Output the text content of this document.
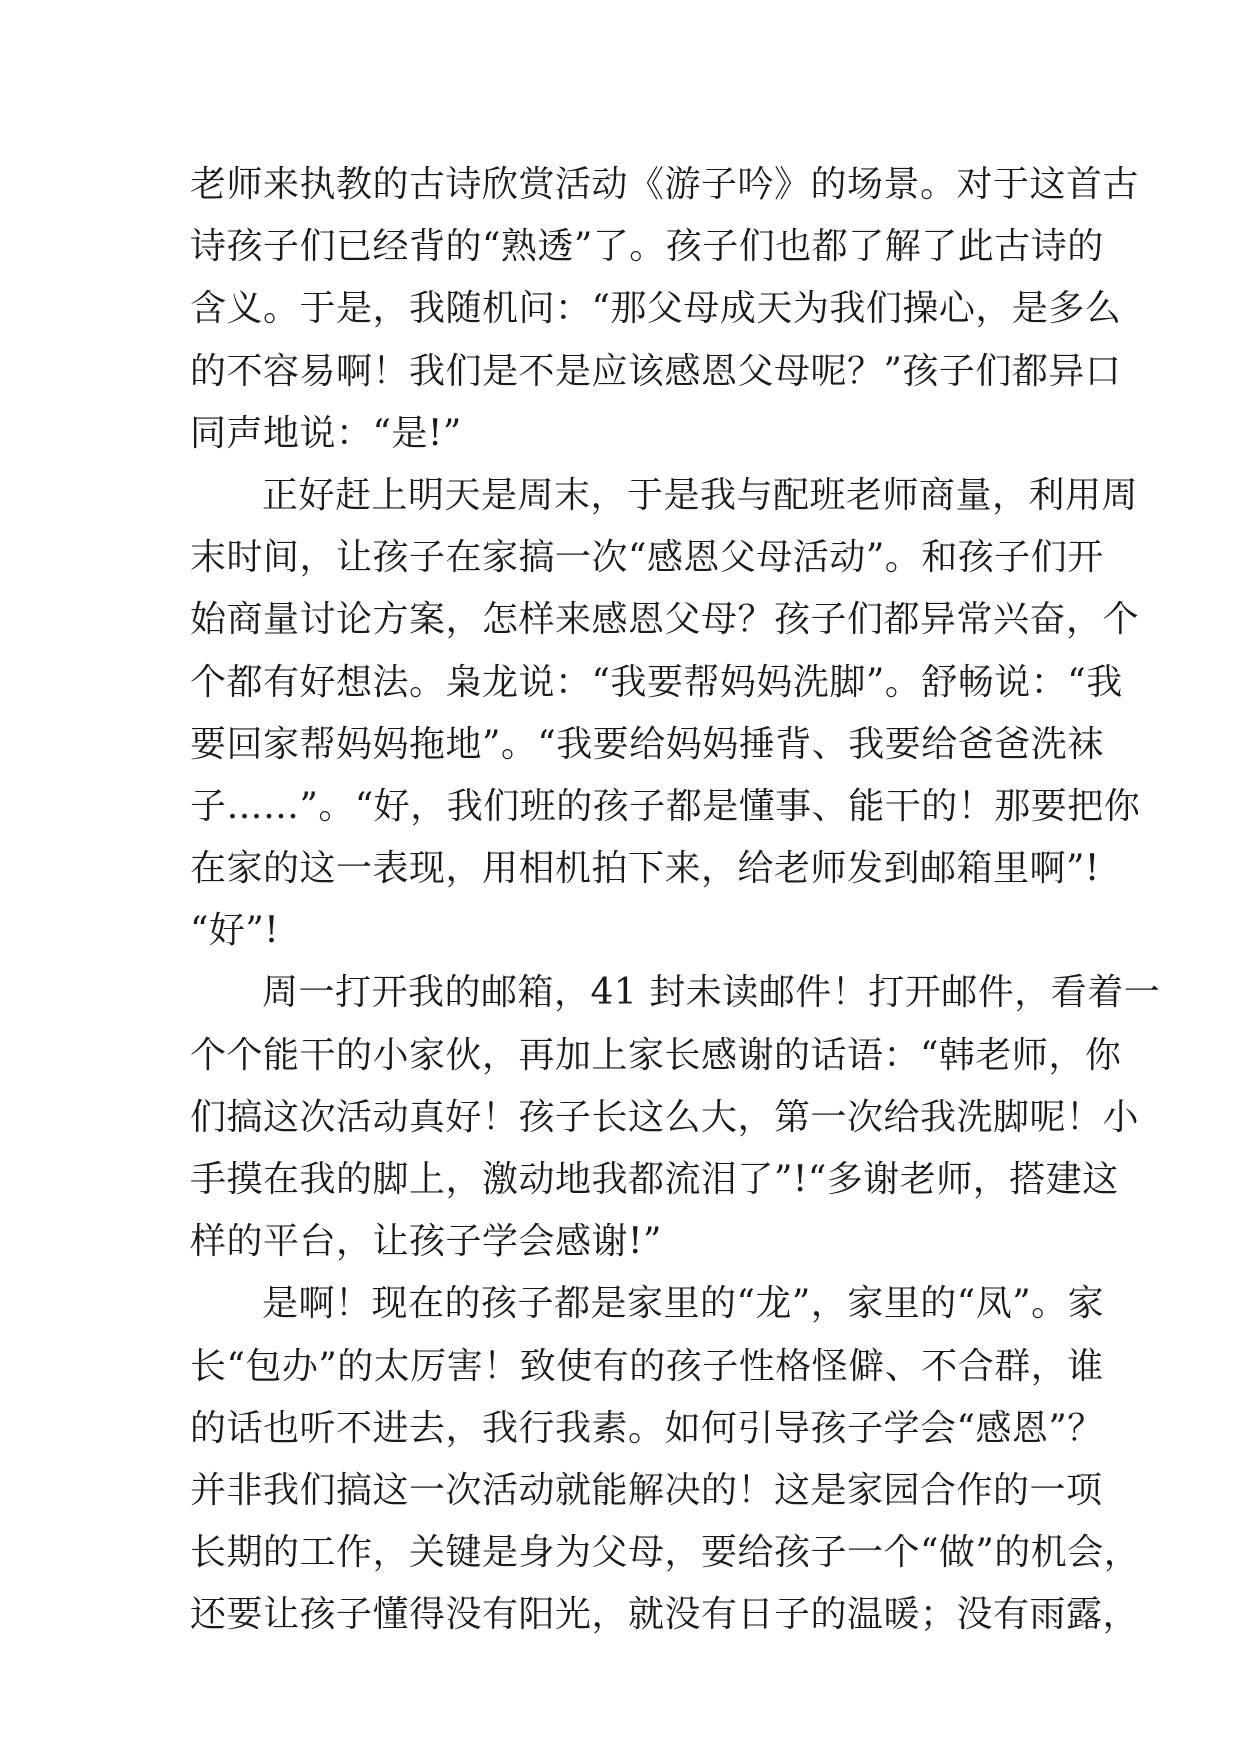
老师来执教的古诗欣赏活动《游子吟》的场景。对于这首古
诗孩子们已经背的“熟透”了。孩子们也都了解了此古诗的
含义。于是，我随机问：“那父母成天为我们操心，是多么
的不容易啊！我们是不是应该感恩父母呢？”孩子们都异口
同声地说：“是!”
正好赶上明天是周末，于是我与配班老师商量，利用周
末时间，让孩子在家搞一次“感恩父母活动”。和孩子们开
始商量讨论方案，怎样来感恩父母？孩子们都异常兴奋，个
个都有好想法。枭龙说：“我要帮妈妈洗脚”。舒畅说：“我
要回家帮妈妈拖地”。“我要给妈妈捶背、我要给爸爸洗袜
子……”。“好，我们班的孩子都是懂事、能干的！那要把你
在家的这一表现，用相机拍下来，给老师发到邮箱里啊”!
“好”!
周一打开我的邮箱，41 封未读邮件！打开邮件，看着一
个个能干的小家伙，再加上家长感谢的话语：“韩老师，你
们搞这次活动真好！孩子长这么大，第一次给我洗脚呢！小
手摸在我的脚上，激动地我都流泪了”!“多谢老师，搭建这
样的平台，让孩子学会感谢!”
是啊！现在的孩子都是家里的“龙”，家里的“凤”。家
长“包办”的太厉害！致使有的孩子性格怪僻、不合群，谁
的话也听不进去，我行我素。如何引导孩子学会“感恩”？
并非我们搞这一次活动就能解决的！这是家园合作的一项
长期的工作，关键是身为父母，要给孩子一个“做”的机会，
还要让孩子懂得没有阳光，就没有日子的温暖；没有雨露，
